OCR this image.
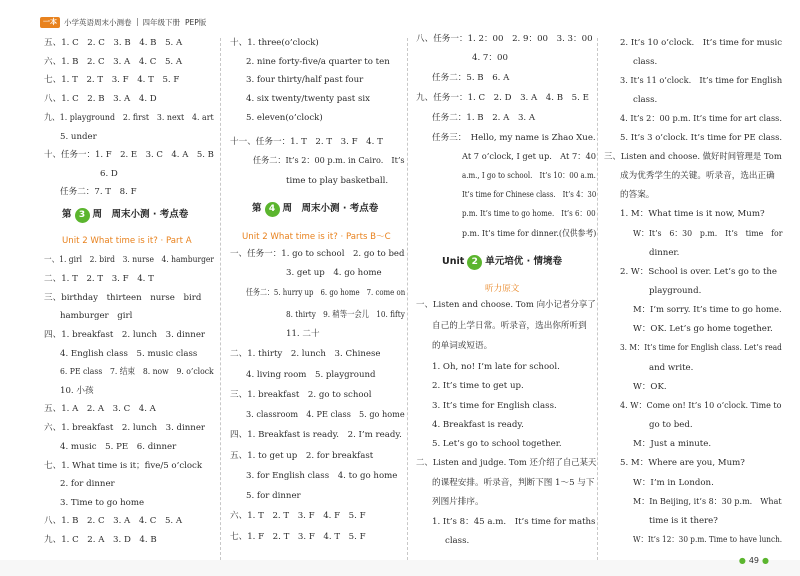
一本 小学英语周末小测卷 四年级下册 PEP版
第 3 周　周末小测 · 考点卷
Unit 2 What time is it? · Part A
五、1. C　2. C　3. B　4. B　5. A
六、1. B　2. C　3. A　4. C　5. A
七、1. T　2. T　3. F　4. T　5. F
八、1. C　2. B　3. A　4. D
九、1. playground　2. first　3. next　4. art
5. under
十、任务一：1. F　2. E　3. C　4. A　5. B
6. D
任务二：7. T　8. F
一、1. girl　2. bird　3. nurse　4. hamburger
二、1. T　2. T　3. F　4. T
三、birthday　thirteen　nurse　bird
hamburger　girl
四、1. breakfast　2. lunch　3. dinner
4. English class　5. music class
6. PE class　7. 结束　8. now　9. o’clock
10. 小孩
五、1. A　2. A　3. C　4. A
六、1. breakfast　2. lunch　3. dinner
4. music　5. PE　6. dinner
七、1. What time is it；five/5 o’clock
2. for dinner
3. Time to go home
八、1. B　2. C　3. A　4. C　5. A
九、1. C　2. A　3. D　4. B
第 4 周　周末小测 · 考点卷
Unit 2 What time is it? · Parts B～C
十、1. three(o’clock)
2. nine forty-five/a quarter to ten
3. four thirty/half past four
4. six twenty/twenty past six
5. eleven(o’clock)
十一、任务一：1. T　2. T　3. F　4. T
任务二：It’s 2：00 p.m. in Cairo.　It’s
time to play basketball.
一、任务一：1. go to school　2. go to bed
3. get up　4. go home
任务二：5. hurry up　6. go home　7. come on
8. thirty　9. 稍等一会儿　10. fifty
11. 二十
二、1. thirty　2. lunch　3. Chinese
4. living room　5. playground
三、1. breakfast　2. go to school
3. classroom　4. PE class　5. go home
四、1. Breakfast is ready.　2. I’m ready.
五、1. to get up　2. for breakfast
3. for English class　4. to go home
5. for dinner
六、1. T　2. T　3. F　4. F　5. F
七、1. F　2. T　3. F　4. T　5. F
Unit 2 单元培优 · 情境卷
听力原文
八、任务一：1. 2：00　2. 9：00　3. 3：00
4. 7：00
任务二：5. B　6. A
九、任务一：1. C　2. D　3. A　4. B　5. E
任务二：1. B　2. A　3. A
任务三：　Hello, my name is Zhao Xue.
At 7 o’clock, I get up.　At 7：40
a.m., I go to school.　It’s 10：00 a.m.
It’s time for Chinese class.　It’s 4：30
p.m. It’s time to go home.　It’s 6：00
p.m. It’s time for dinner.(仅供参考)
一、Listen and choose. Tom 向小记者分享了
自己的上学日常。听录音，选出你所听到
的单词或短语。
1. Oh, no! I’m late for school.
2. It’s time to get up.
3. It’s time for English class.
4. Breakfast is ready.
5. Let’s go to school together.
二、Listen and judge. Tom 还介绍了自己某天
的课程安排。听录音，判断下图 1～5 与下
列图片排序。
1. It’s 8：45 a.m.　It’s time for maths
class.
2. It’s 10 o’clock.　It’s time for music
class.
3. It’s 11 o’clock.　It’s time for English
class.
4. It’s 2：00 p.m. It’s time for art class.
5. It’s 3 o’clock. It’s time for PE class.
三、Listen and choose. 做好时间管理是 Tom
成为优秀学生的关键。听录音，选出正确
的答案。
1. M：What time is it now, Mum?
W：It’s　6：30　p.m.　It’s　time　for
dinner.
2. W：School is over. Let’s go to the
playground.
M：I’m sorry. It’s time to go home.
W：OK. Let’s go home together.
3. M：It’s time for English class. Let’s read
and write.
W：OK.
4. W：Come on! It’s 10 o’clock. Time to
go to bed.
M：Just a minute.
5. M：Where are you, Mum?
W：I’m in London.
M：In Beijing, it’s 8：30 p.m.　What
time is it there?
W：It’s 12：30 p.m. Time to have lunch.
● 49 ●
